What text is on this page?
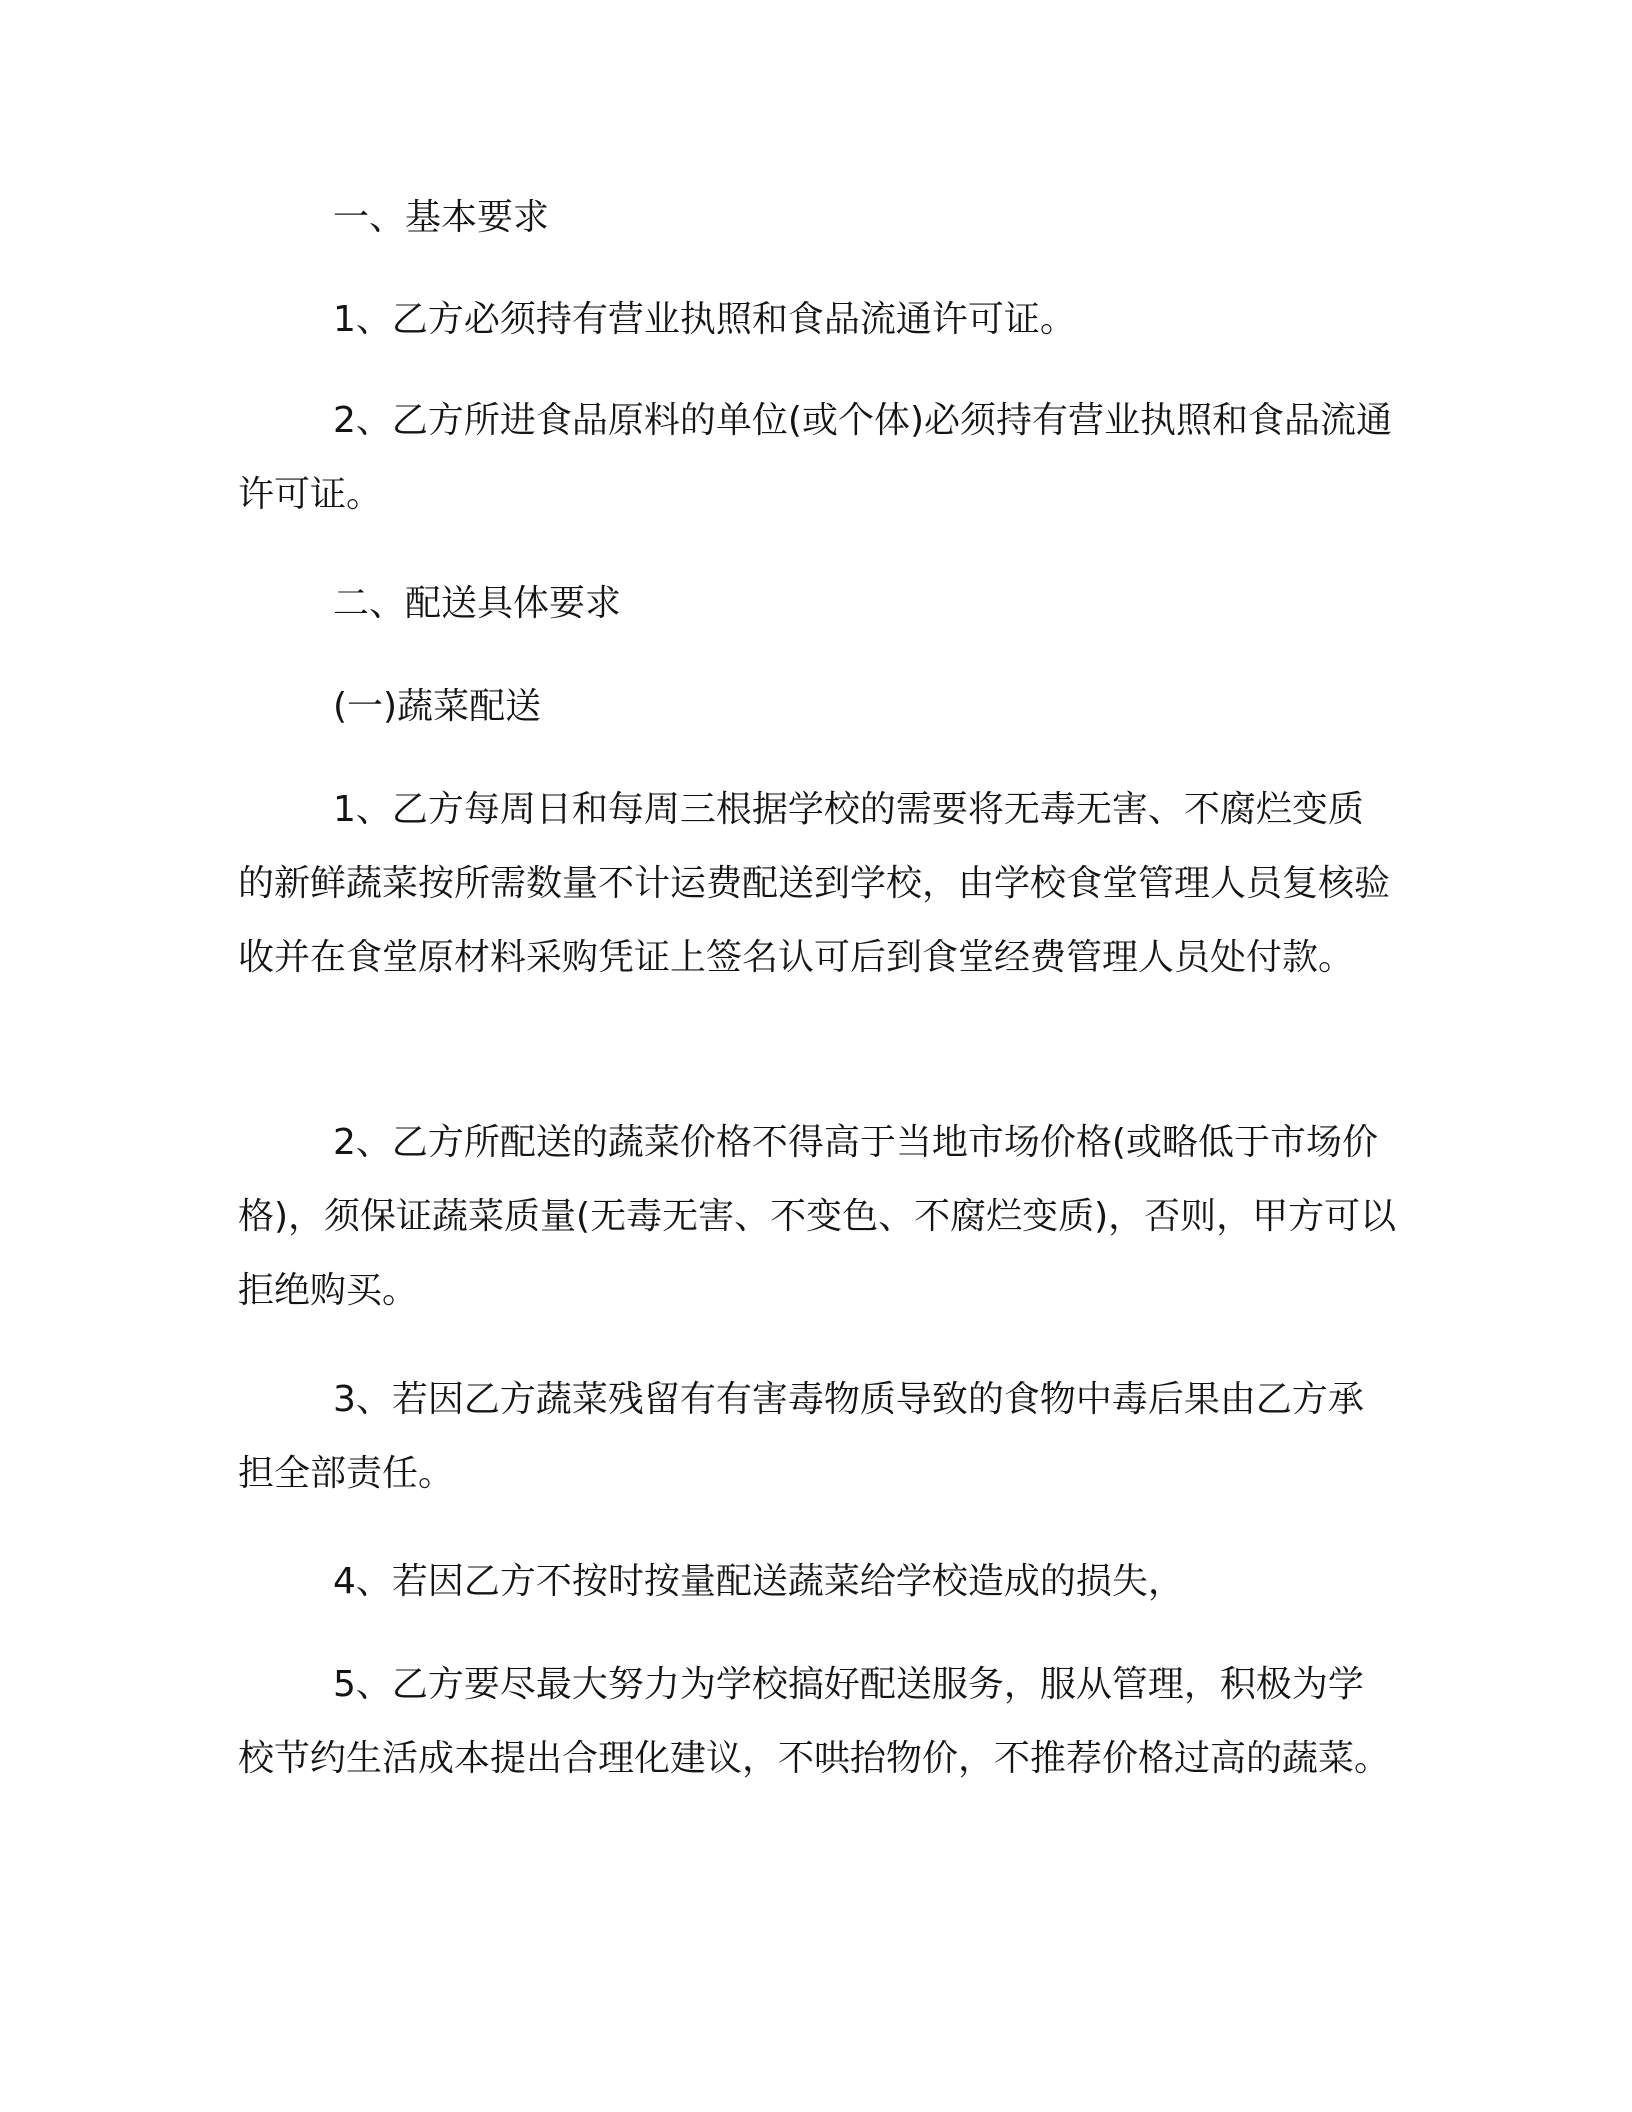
一、基本要求

1、乙方必须持有营业执照和食品流通许可证。

2、乙方所进食品原料的单位(或个体)必须持有营业执照和食品流通许可证。

二、配送具体要求

(一)蔬菜配送

1、乙方每周日和每周三根据学校的需要将无毒无害、不腐烂变质的新鲜蔬菜按所需数量不计运费配送到学校，由学校食堂管理人员复核验收并在食堂原材料采购凭证上签名认可后到食堂经费管理人员处付款。

2、乙方所配送的蔬菜价格不得高于当地市场价格(或略低于市场价格)，须保证蔬菜质量(无毒无害、不变色、不腐烂变质)，否则，甲方可以拒绝购买。

3、若因乙方蔬菜残留有有害毒物质导致的食物中毒后果由乙方承担全部责任。

4、若因乙方不按时按量配送蔬菜给学校造成的损失，

5、乙方要尽最大努力为学校搞好配送服务，服从管理，积极为学校节约生活成本提出合理化建议，不哄抬物价，不推荐价格过高的蔬菜。
